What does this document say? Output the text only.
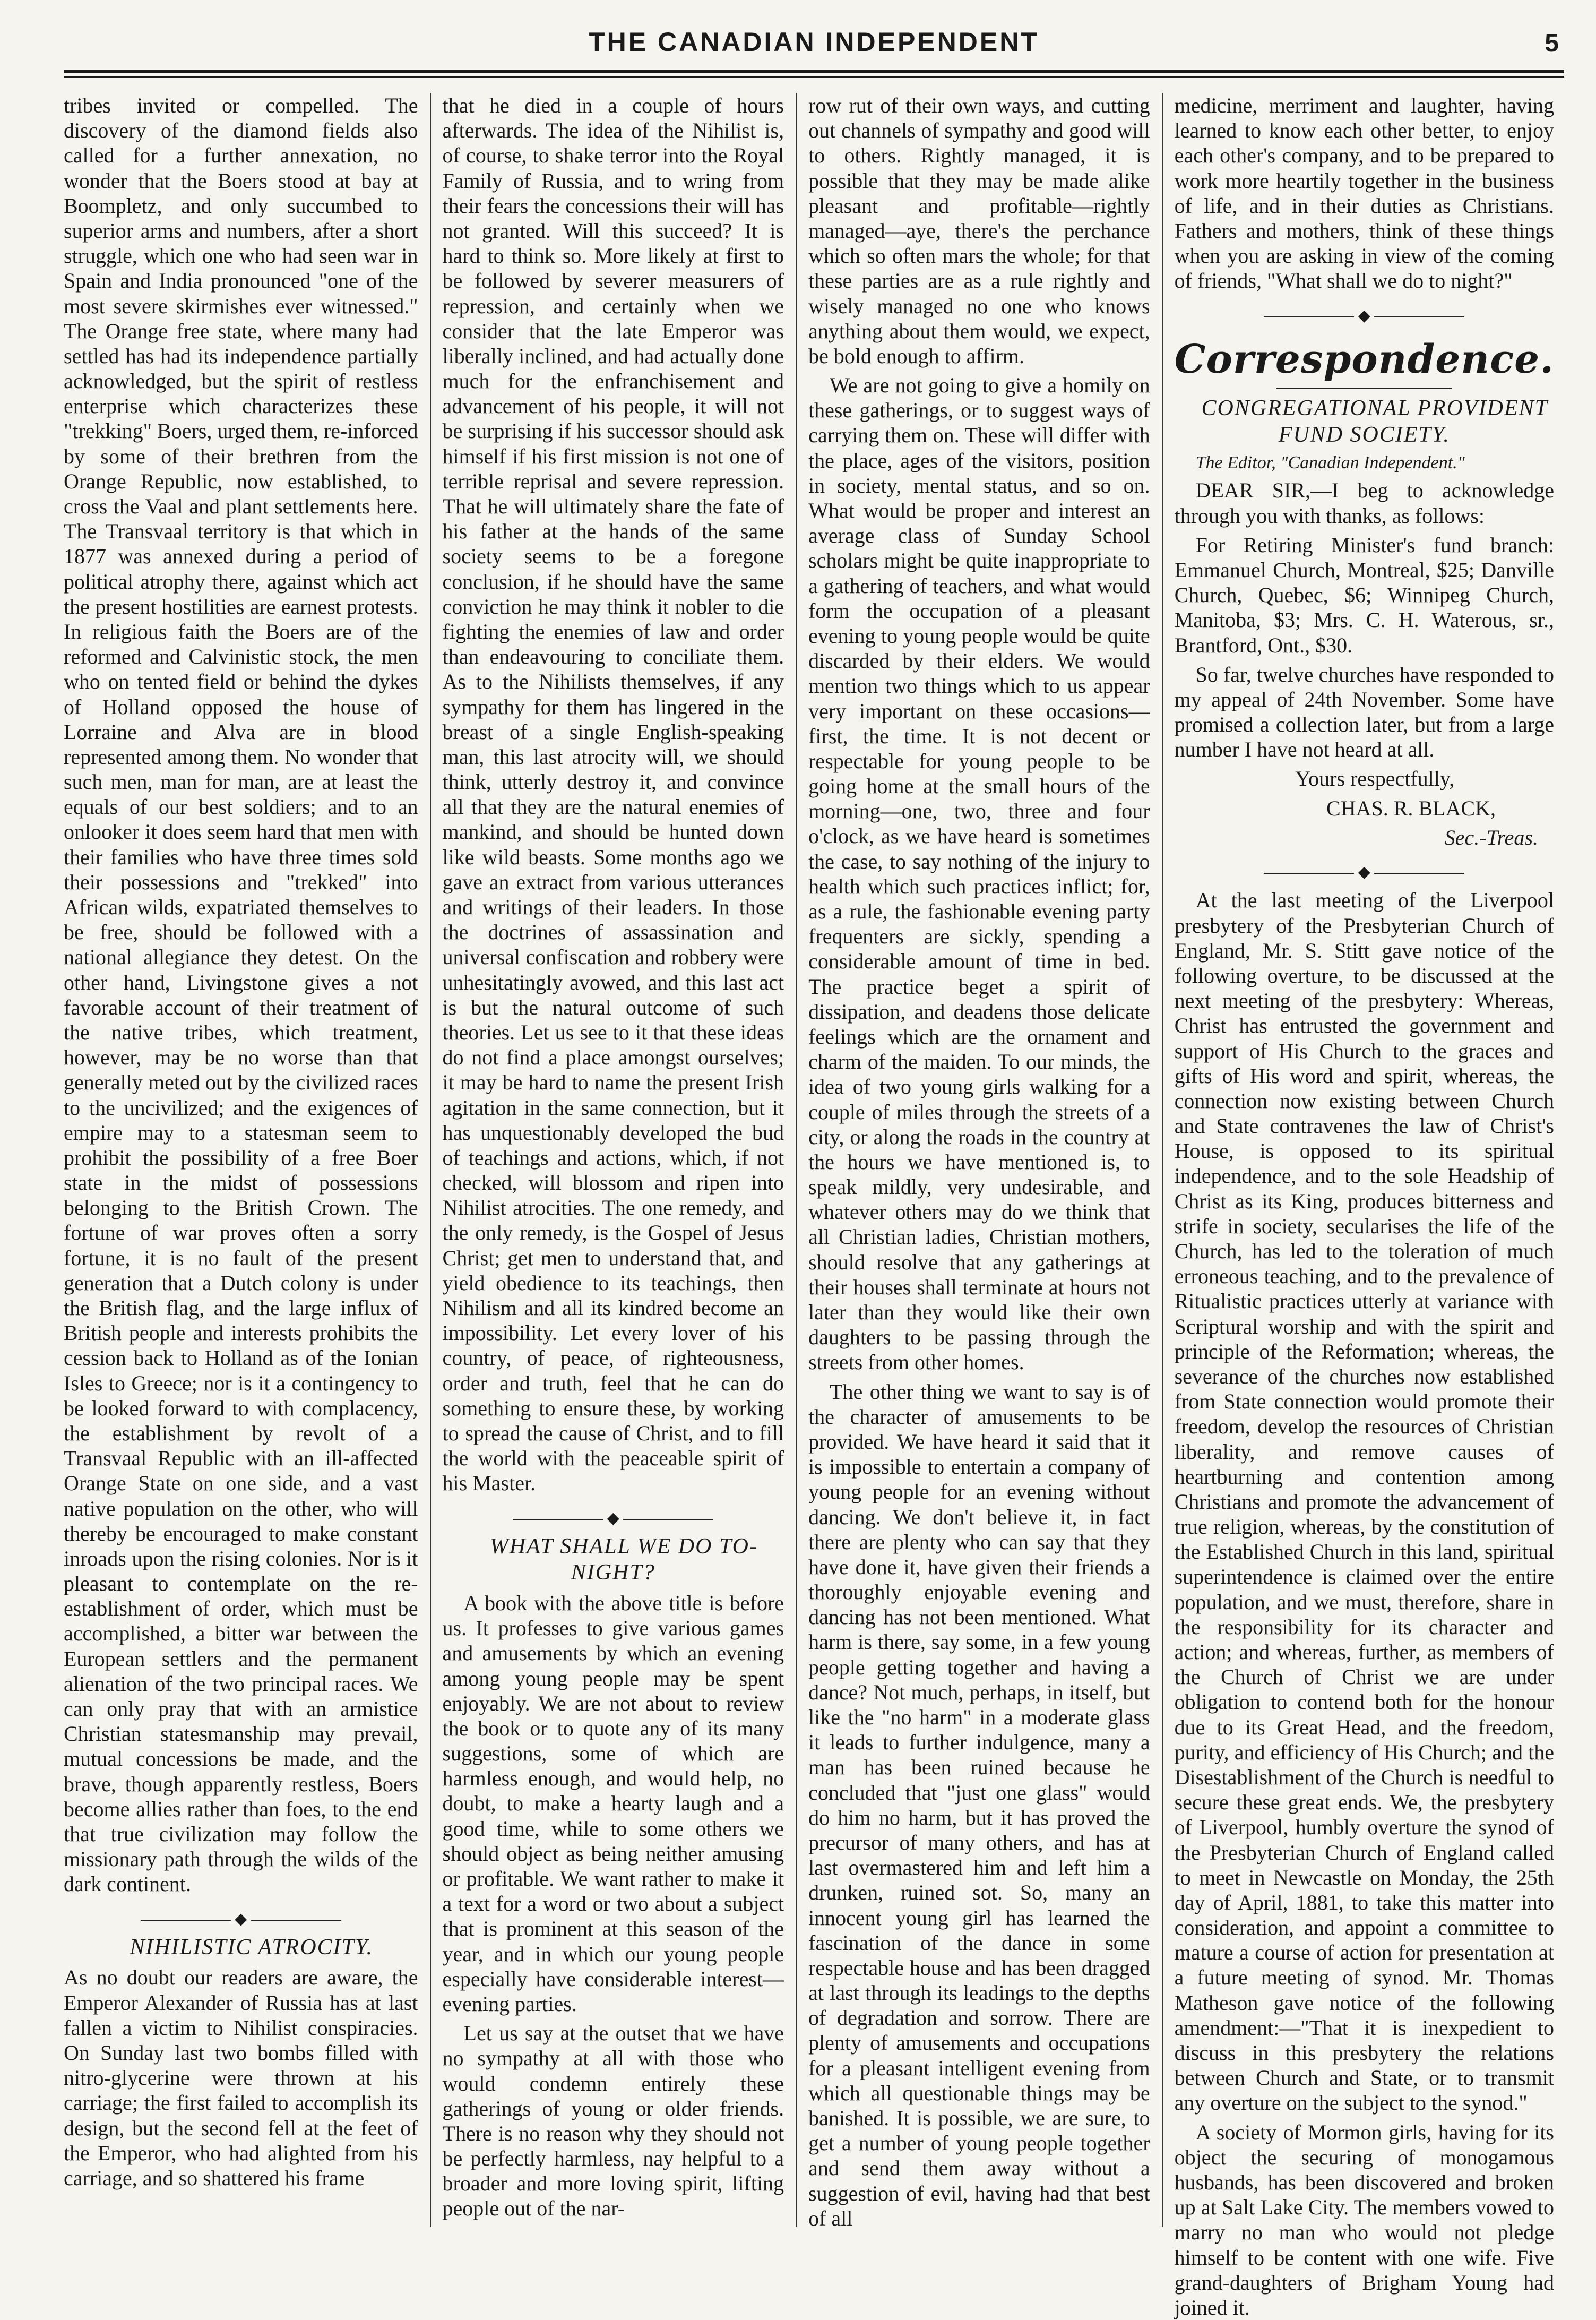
THE CANADIAN INDEPENDENT	5

tribes invited or compelled. The discovery of the diamond fields also called for a further annexation, no wonder that the Boers stood at bay at Boompletz, and only succumbed to superior arms and numbers, after a short struggle, which one who had seen war in Spain and India pronounced "one of the most severe skirmishes ever witnessed." The Orange free state, where many had settled has had its independence partially acknowledged, but the spirit of restless enterprise which characterizes these "trekking" Boers, urged them, re-inforced by some of their brethren from the Orange Republic, now established, to cross the Vaal and plant settlements here. The Transvaal territory is that which in 1877 was annexed during a period of political atrophy there, against which act the present hostilities are earnest protests. In religious faith the Boers are of the reformed and Calvinistic stock, the men who on tented field or behind the dykes of Holland opposed the house of Lorraine and Alva are in blood represented among them. No wonder that such men, man for man, are at least the equals of our best soldiers; and to an onlooker it does seem hard that men with their families who have three times sold their possessions and "trekked" into African wilds, expatriated themselves to be free, should be followed with a national allegiance they detest. On the other hand, Livingstone gives a not favorable account of their treatment of the native tribes, which treatment, however, may be no worse than that generally meted out by the civilized races to the uncivilized; and the exigences of empire may to a statesman seem to prohibit the possibility of a free Boer state in the midst of possessions belonging to the British Crown. The fortune of war proves often a sorry fortune, it is no fault of the present generation that a Dutch colony is under the British flag, and the large influx of British people and interests prohibits the cession back to Holland as of the Ionian Isles to Greece; nor is it a contingency to be looked forward to with complacency, the establishment by revolt of a Transvaal Republic with an ill-affected Orange State on one side, and a vast native population on the other, who will thereby be encouraged to make constant inroads upon the rising colonies. Nor is it pleasant to contemplate on the re-establishment of order, which must be accomplished, a bitter war between the European settlers and the permanent alienation of the two principal races. We can only pray that with an armistice Christian statesmanship may prevail, mutual concessions be made, and the brave, though apparently restless, Boers become allies rather than foes, to the end that true civilization may follow the missionary path through the wilds of the dark continent.

◆

NIHILISTIC ATROCITY.

As no doubt our readers are aware, the Emperor Alexander of Russia has at last fallen a victim to Nihilist conspiracies. On Sunday last two bombs filled with nitro-glycerine were thrown at his carriage; the first failed to accomplish its design, but the second fell at the feet of the Emperor, who had alighted from his carriage, and so shattered his frame

that he died in a couple of hours afterwards. The idea of the Nihilist is, of course, to shake terror into the Royal Family of Russia, and to wring from their fears the concessions their will has not granted. Will this succeed? It is hard to think so. More likely at first to be followed by severer measurers of repression, and certainly when we consider that the late Emperor was liberally inclined, and had actually done much for the enfranchisement and advancement of his people, it will not be surprising if his successor should ask himself if his first mission is not one of terrible reprisal and severe repression. That he will ultimately share the fate of his father at the hands of the same society seems to be a foregone conclusion, if he should have the same conviction he may think it nobler to die fighting the enemies of law and order than endeavouring to conciliate them. As to the Nihilists themselves, if any sympathy for them has lingered in the breast of a single English-speaking man, this last atrocity will, we should think, utterly destroy it, and convince all that they are the natural enemies of mankind, and should be hunted down like wild beasts. Some months ago we gave an extract from various utterances and writings of their leaders. In those the doctrines of assassination and universal confiscation and robbery were unhesitatingly avowed, and this last act is but the natural outcome of such theories. Let us see to it that these ideas do not find a place amongst ourselves; it may be hard to name the present Irish agitation in the same connection, but it has unquestionably developed the bud of teachings and actions, which, if not checked, will blossom and ripen into Nihilist atrocities. The one remedy, and the only remedy, is the Gospel of Jesus Christ; get men to understand that, and yield obedience to its teachings, then Nihilism and all its kindred become an impossibility. Let every lover of his country, of peace, of righteousness, order and truth, feel that he can do something to ensure these, by working to spread the cause of Christ, and to fill the world with the peaceable spirit of his Master.

◆

WHAT SHALL WE DO TO-NIGHT?

A book with the above title is before us. It professes to give various games and amusements by which an evening among young people may be spent enjoyably. We are not about to review the book or to quote any of its many suggestions, some of which are harmless enough, and would help, no doubt, to make a hearty laugh and a good time, while to some others we should object as being neither amusing or profitable. We want rather to make it a text for a word or two about a subject that is prominent at this season of the year, and in which our young people especially have considerable interest—evening parties.

Let us say at the outset that we have no sympathy at all with those who would condemn entirely these gatherings of young or older friends. There is no reason why they should not be perfectly harmless, nay helpful to a broader and more loving spirit, lifting people out of the nar-

row rut of their own ways, and cutting out channels of sympathy and good will to others. Rightly managed, it is possible that they may be made alike pleasant and profitable—rightly managed—aye, there's the perchance which so often mars the whole; for that these parties are as a rule rightly and wisely managed no one who knows anything about them would, we expect, be bold enough to affirm.

We are not going to give a homily on these gatherings, or to suggest ways of carrying them on. These will differ with the place, ages of the visitors, position in society, mental status, and so on. What would be proper and interest an average class of Sunday School scholars might be quite inappropriate to a gathering of teachers, and what would form the occupation of a pleasant evening to young people would be quite discarded by their elders. We would mention two things which to us appear very important on these occasions—first, the time. It is not decent or respectable for young people to be going home at the small hours of the morning—one, two, three and four o'clock, as we have heard is sometimes the case, to say nothing of the injury to health which such practices inflict; for, as a rule, the fashionable evening party frequenters are sickly, spending a considerable amount of time in bed. The practice beget a spirit of dissipation, and deadens those delicate feelings which are the ornament and charm of the maiden. To our minds, the idea of two young girls walking for a couple of miles through the streets of a city, or along the roads in the country at the hours we have mentioned is, to speak mildly, very undesirable, and whatever others may do we think that all Christian ladies, Christian mothers, should resolve that any gatherings at their houses shall terminate at hours not later than they would like their own daughters to be passing through the streets from other homes.

The other thing we want to say is of the character of amusements to be provided. We have heard it said that it is impossible to entertain a company of young people for an evening without dancing. We don't believe it, in fact there are plenty who can say that they have done it, have given their friends a thoroughly enjoyable evening and dancing has not been mentioned. What harm is there, say some, in a few young people getting together and having a dance? Not much, perhaps, in itself, but like the "no harm" in a moderate glass it leads to further indulgence, many a man has been ruined because he concluded that "just one glass" would do him no harm, but it has proved the precursor of many others, and has at last overmastered him and left him a drunken, ruined sot. So, many an innocent young girl has learned the fascination of the dance in some respectable house and has been dragged at last through its leadings to the depths of degradation and sorrow. There are plenty of amusements and occupations for a pleasant intelligent evening from which all questionable things may be banished. It is possible, we are sure, to get a number of young people together and send them away without a suggestion of evil, having had that best of all

medicine, merriment and laughter, having learned to know each other better, to enjoy each other's company, and to be prepared to work more heartily together in the business of life, and in their duties as Christians. Fathers and mothers, think of these things when you are asking in view of the coming of friends, "What shall we do to night?"

◆
Correspondence.

CONGREGATIONAL PROVIDENT FUND SOCIETY.

The Editor, "Canadian Independent."

DEAR SIR,—I beg to acknowledge through you with thanks, as follows:

For Retiring Minister's fund branch: Emmanuel Church, Montreal, $25; Danville Church, Quebec, $6; Winnipeg Church, Manitoba, $3; Mrs. C. H. Waterous, sr., Brantford, Ont., $30.

So far, twelve churches have responded to my appeal of 24th November. Some have promised a collection later, but from a large number I have not heard at all.

Yours respectfully,

CHAS. R. BLACK,

Sec.-Treas.

◆

At the last meeting of the Liverpool presbytery of the Presbyterian Church of England, Mr. S. Stitt gave notice of the following overture, to be discussed at the next meeting of the presbytery: Whereas, Christ has entrusted the government and support of His Church to the graces and gifts of His word and spirit, whereas, the connection now existing between Church and State contravenes the law of Christ's House, is opposed to its spiritual independence, and to the sole Headship of Christ as its King, produces bitterness and strife in society, secularises the life of the Church, has led to the toleration of much erroneous teaching, and to the prevalence of Ritualistic practices utterly at variance with Scriptural worship and with the spirit and principle of the Reformation; whereas, the severance of the churches now established from State connection would promote their freedom, develop the resources of Christian liberality, and remove causes of heartburning and contention among Christians and promote the advancement of true religion, whereas, by the constitution of the Established Church in this land, spiritual superintendence is claimed over the entire population, and we must, therefore, share in the responsibility for its character and action; and whereas, further, as members of the Church of Christ we are under obligation to contend both for the honour due to its Great Head, and the freedom, purity, and efficiency of His Church; and the Disestablishment of the Church is needful to secure these great ends. We, the presbytery of Liverpool, humbly overture the synod of the Presbyterian Church of England called to meet in Newcastle on Monday, the 25th day of April, 1881, to take this matter into consideration, and appoint a committee to mature a course of action for presentation at a future meeting of synod. Mr. Thomas Matheson gave notice of the following amendment:—"That it is inexpedient to discuss in this presbytery the relations between Church and State, or to transmit any overture on the subject to the synod."

A society of Mormon girls, having for its object the securing of monogamous husbands, has been discovered and broken up at Salt Lake City. The members vowed to marry no man who would not pledge himself to be content with one wife. Five grand-daughters of Brigham Young had joined it.
